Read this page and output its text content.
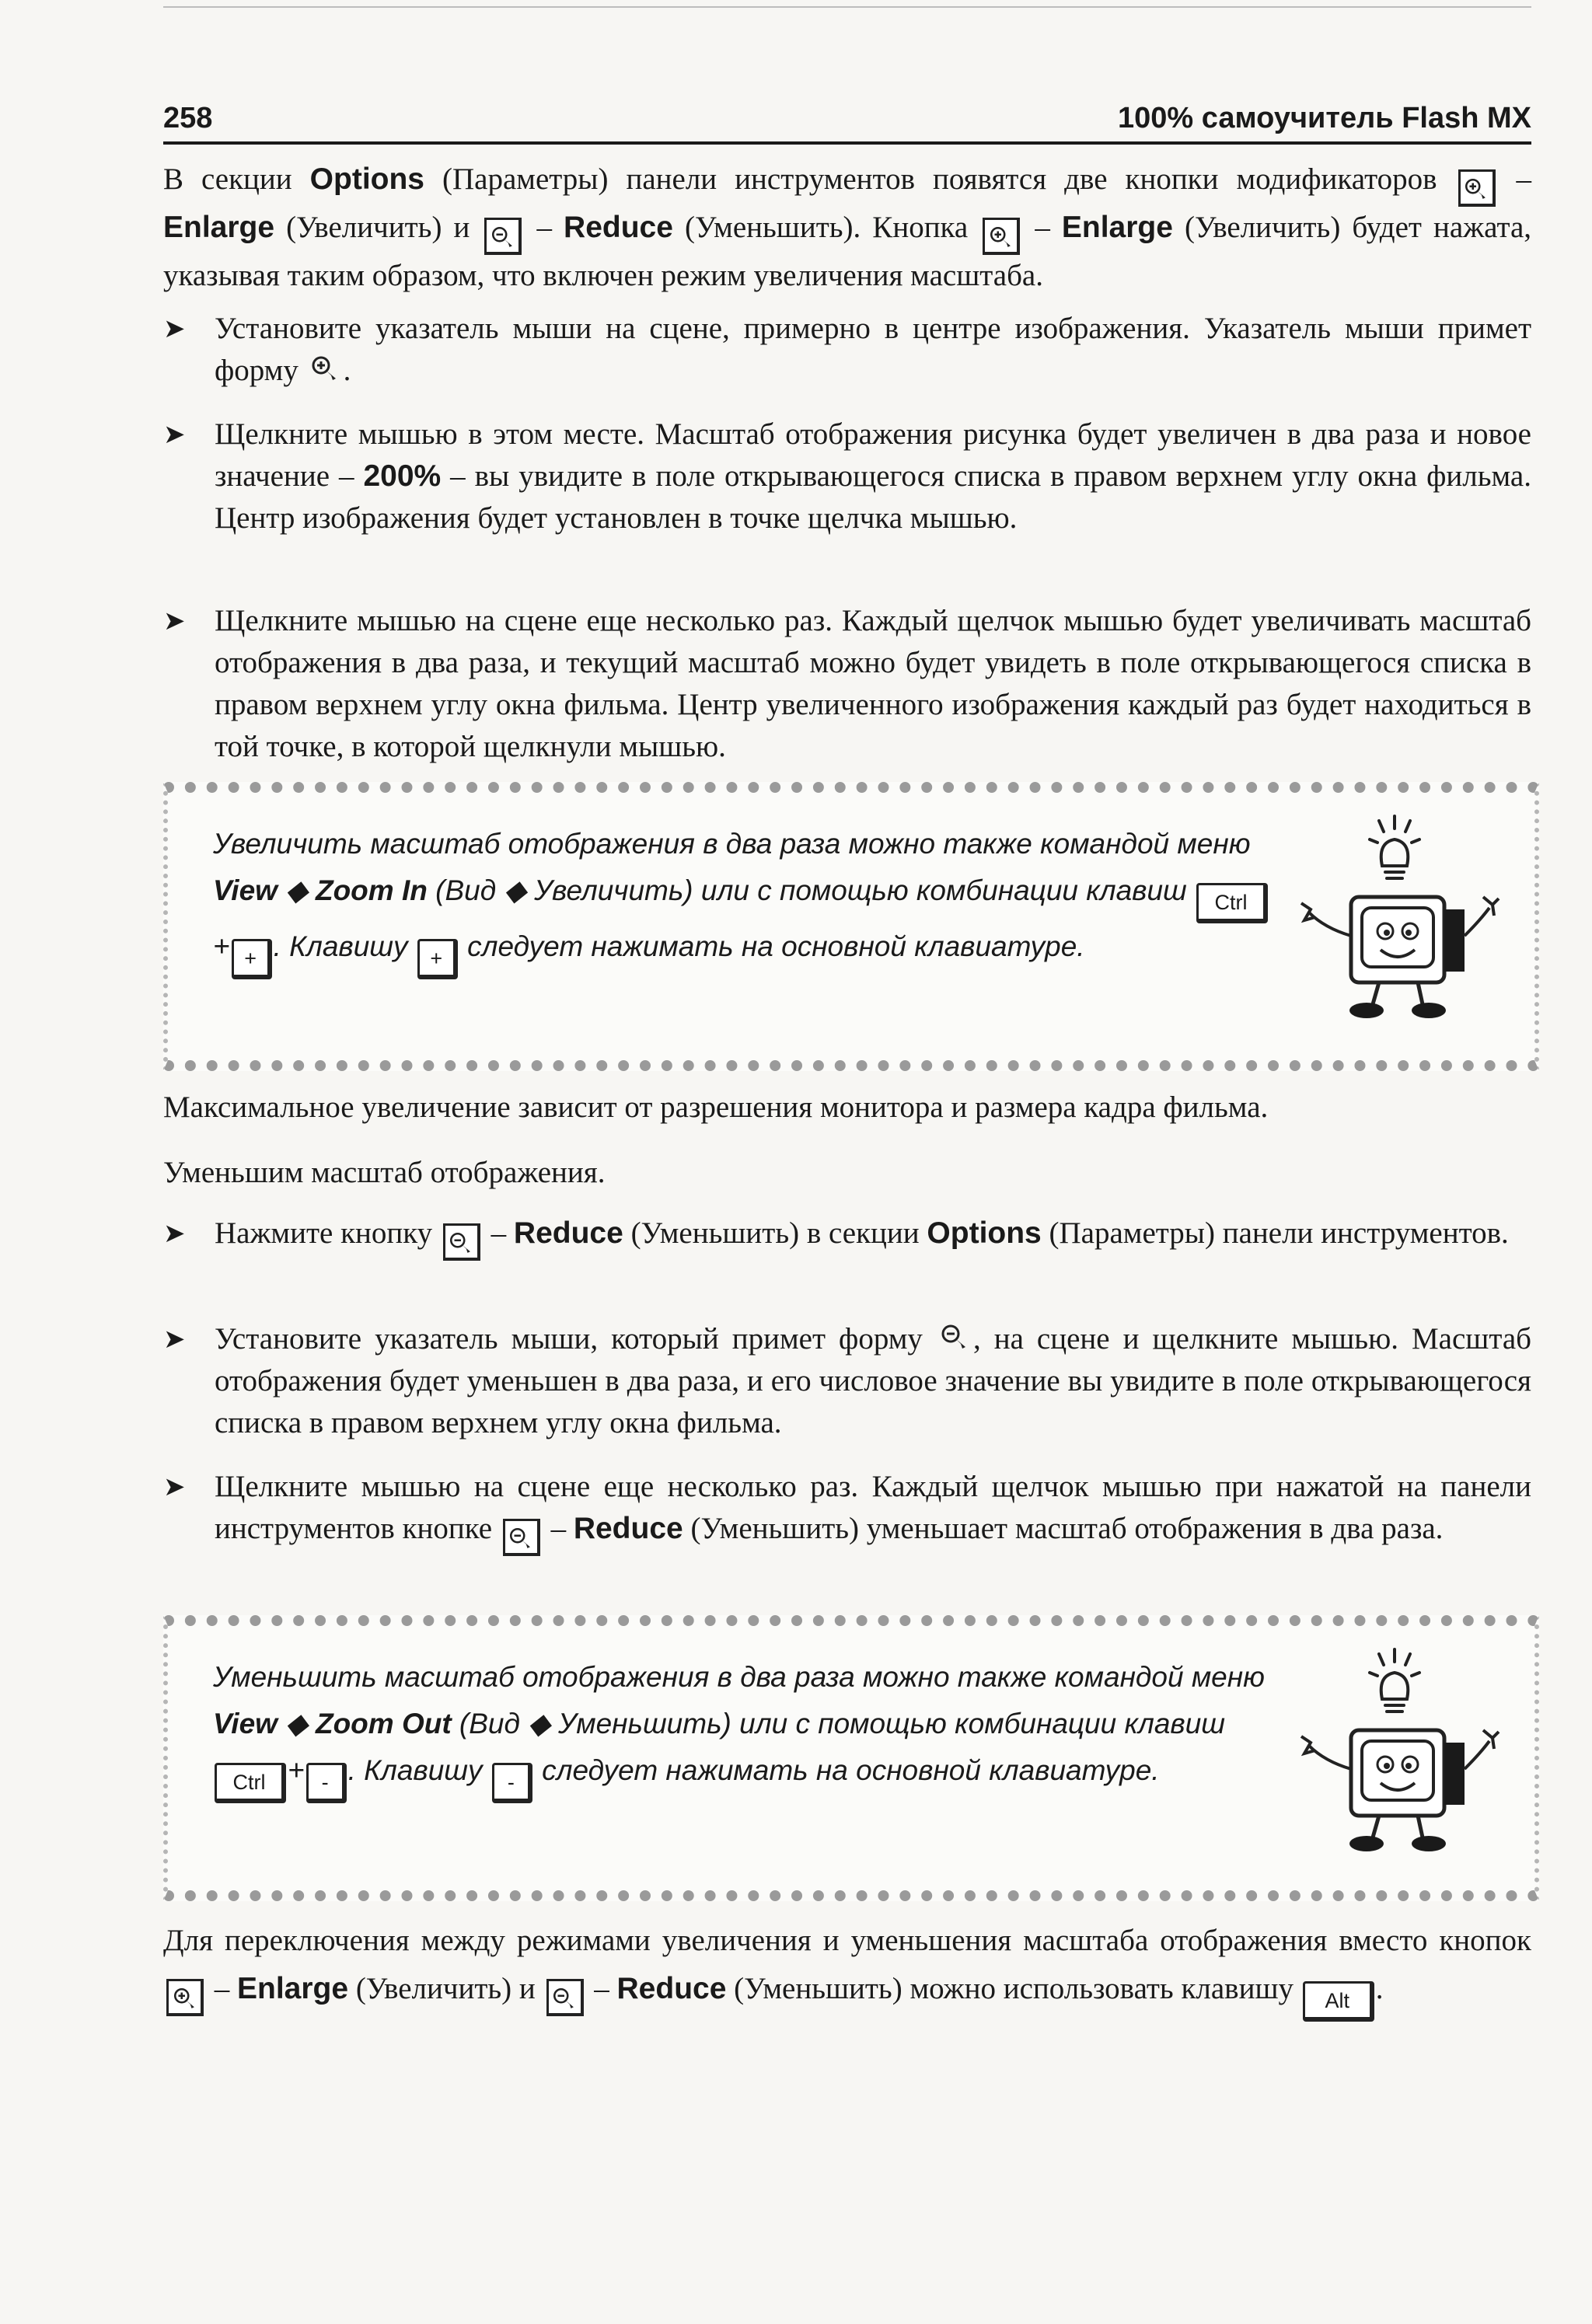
258	100% самоучитель Flash MX
В секции Options (Параметры) панели инструментов появятся две кнопки модификаторов  – Enlarge (Увеличить) и  – Reduce (Уменьшить). Кнопка  – Enlarge (Увеличить) будет нажата, указывая таким образом, что включен режим увеличения масштаба.
➤ Установите указатель мыши на сцене, примерно в центре изображения. Указатель мыши примет форму .
➤ Щелкните мышью в этом месте. Масштаб отображения рисунка будет увеличен в два раза и новое значение – 200% – вы увидите в поле открывающегося списка в правом верхнем углу окна фильма. Центр изображения будет установлен в точке щелчка мышью.
➤ Щелкните мышью на сцене еще несколько раз. Каждый щелчок мышью будет увеличивать масштаб отображения в два раза, и текущий масштаб можно будет увидеть в поле открывающегося списка в правом верхнем углу окна фильма. Центр увеличенного изображения каждый раз будет находиться в той точке, в которой щелкнули мышью.
Увеличить масштаб отображения в два раза можно также командой меню View ◆ Zoom In (Вид ◆ Увеличить) или с помощью комбинации клавиш Ctrl+ + . Клавишу + следует нажимать на основной клавиатуре.
Максимальное увеличение зависит от разрешения монитора и размера кадра фильма.
Уменьшим масштаб отображения.
➤ Нажмите кнопку  – Reduce (Уменьшить) в секции Options (Параметры) панели инструментов.
➤ Установите указатель мыши, который примет форму , на сцене и щелкните мышью. Масштаб отображения будет уменьшен в два раза, и его числовое значение вы увидите в поле открывающегося списка в правом верхнем углу окна фильма.
➤ Щелкните мышью на сцене еще несколько раз. Каждый щелчок мышью при нажатой на панели инструментов кнопке  – Reduce (Уменьшить) уменьшает масштаб отображения в два раза.
Уменьшить масштаб отображения в два раза можно также командой меню View ◆ Zoom Out (Вид ◆ Уменьшить) или с помощью комбинации клавиш Ctrl + - . Клавишу - следует нажимать на основной клавиатуре.
Для переключения между режимами увеличения и уменьшения масштаба отображения вместо кнопок  – Enlarge (Увеличить) и  – Reduce (Уменьшить) можно использовать клавишу Alt .
